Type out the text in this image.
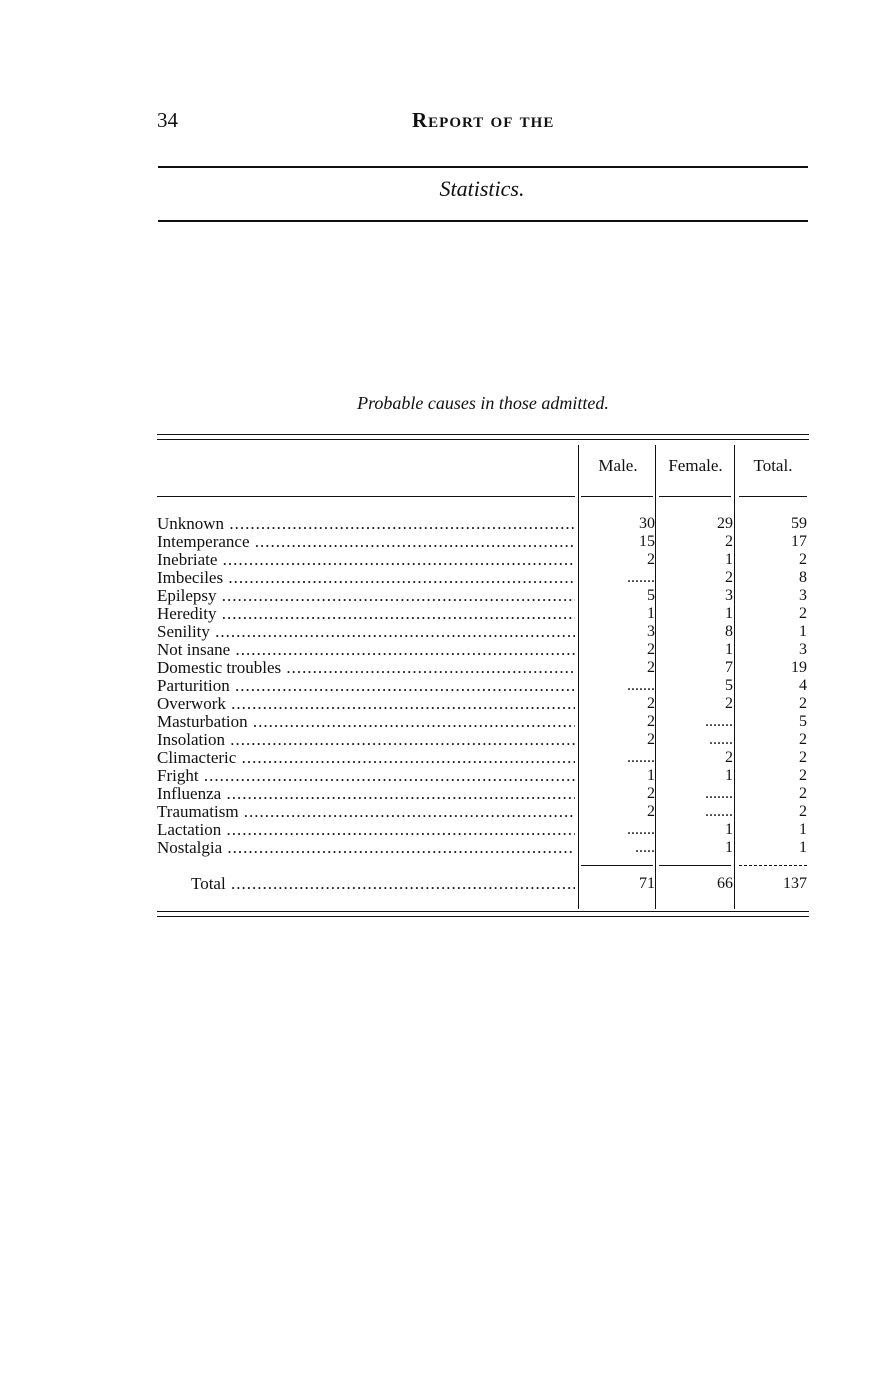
34	Report of the
Statistics.
Probable causes in those admitted.
Male.	Female.	Total.
Unknown .....	30	29	59
Intemperance .....	15	2	17
Inebriate .....	2	1	2
Imbeciles .....	.......	2	8
Epilepsy .....	5	3	3
Heredity .....	1	1	2
Senility .....	3	8	1
Not insane .....	2	1	3
Domestic troubles .....	2	7	19
Parturition .....	.......	5	4
Overwork .....	2	2	2
Masturbation .....	2	.......	5
Insolation .....	2	......	2
Climacteric .....	.......	2	2
Fright .....	1	1	2
Influenza .....	2	.......	2
Traumatism .....	2	.......	2
Lactation .....	.......	1	1
Nostalgia .....	.....	1	1
Total .....	71	66	137
